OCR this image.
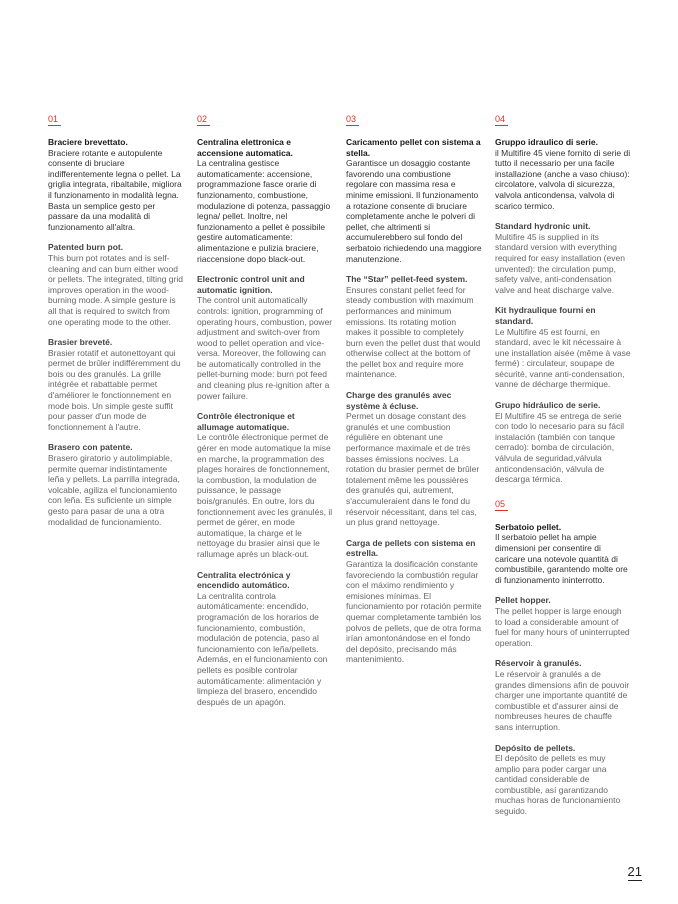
01
Braciere brevettato.
Braciere rotante e autopulente consente di bruciare indifferentemente legna o pellet. La griglia integrata, ribaltabile, migliora il funzionamento in modalità legna. Basta un semplice gesto per passare da una modalità di funzionamento all'altra.
Patented burn pot.
This burn pot rotates and is self-cleaning and can burn either wood or pellets. The integrated, tilting grid improves operation in the wood-burning mode. A simple gesture is all that is required to switch from one operating mode to the other.
Brasier breveté.
Brasier rotatif et autonettoyant qui permet de brûler indifféremment du bois ou des granulés. La grille intégrée et rabattable permet d'améliorer le fonctionnement en mode bois. Un simple geste suffit pour passer d'un mode de fonctionnement à l'autre.
Brasero con patente.
Brasero giratorio y autolimpiable, permite quemar indistintamente leña y pellets. La parrilla integrada, volcable, agiliza el funcionamiento con leña. Es suficiente un simple gesto para pasar de una a otra modalidad de funcionamiento.
02
Centralina elettronica e accensione automatica.
La centralina gestisce automaticamente: accensione, programmazione fasce orarie di funzionamento, combustione, modulazione di potenza, passaggio legna/ pellet. Inoltre, nel funzionamento a pellet è possibile gestire automaticamente: alimentazione e pulizia braciere, riaccensione dopo black-out.
Electronic control unit and automatic ignition.
The control unit automatically controls: ignition, programming of operating hours, combustion, power adjustment and switch-over from wood to pellet operation and vice-versa. Moreover, the following can be automatically controlled in the pellet-burning mode: burn pot feed and cleaning plus re-ignition after a power failure.
Contrôle électronique et allumage automatique.
Le contrôle électronique permet de gérer en mode automatique la mise en marche, la programmation des plages horaires de fonctionnement, la combustion, la modulation de puissance, le passage bois/granulés. En outre, lors du fonctionnement avec les granulés, il permet de gérer, en mode automatique, la charge et le nettoyage du brasier ainsi que le rallumage après un black-out.
Centralita electrónica y encendido automático.
La centralita controla automáticamente: encendido, programación de los horarios de funcionamiento, combustión, modulación de potencia, paso al funcionamiento con leña/pellets. Además, en el funcionamiento con pellets es posible controlar automáticamente: alimentación y limpieza del brasero, encendido después de un apagón.
03
Caricamento pellet con sistema a stella.
Garantisce un dosaggio costante favorendo una combustione regolare con massima resa e minime emissioni. Il funzionamento a rotazione consente di bruciare completamente anche le polveri di pellet, che altrimenti si accumulerebbero sul fondo del serbatoio richiedendo una maggiore manutenzione.
The “Star” pellet-feed system.
Ensures constant pellet feed for steady combustion with maximum performances and minimum emissions. Its rotating motion makes it possible to completely burn even the pellet dust that would otherwise collect at the bottom of the pellet box and require more maintenance.
Charge des granulés avec système à écluse.
Permet un dosage constant des granulés et une combustion régulière en obtenant une performance maximale et de très basses émissions nocives. La rotation du brasier permet de brûler totalement même les poussières des granulés qui, autrement, s'accumuleraient dans le fond du réservoir nécessitant, dans tel cas, un plus grand nettoyage.
Carga de pellets con sistema en estrella.
Garantiza la dosificación constante favoreciendo la combustión regular con el máximo rendimiento y emisiones mínimas. El funcionamiento por rotación permite quemar completamente también los polvos de pellets, que de otra forma irían amontonándose en el fondo del depósito, precisando más mantenimiento.
04
Gruppo idraulico di serie.
il Multifire 45 viene fornito di serie di tutto il necessario per una facile installazione (anche a vaso chiuso): circolatore, valvola di sicurezza, valvola anticondensa, valvola di scarico termico.
Standard hydronic unit.
Multifire 45 is supplied in its standard version with everything required for easy installation (even unvented): the circulation pump, safety valve, anti-condensation valve and heat discharge valve.
Kit hydraulique fourni en standard.
Le Multifire 45 est fourni, en standard, avec le kit nécessaire à une installation aisée (même à vase fermé) : circulateur, soupape de sécurité, vanne anti-condensation, vanne de décharge thermique.
Grupo hidráulico de serie.
El Multifire 45 se entrega de serie con todo lo necesario para su fácil instalación (también con tanque cerrado): bomba de circulación, válvula de seguridad,válvula anticondensación, válvula de descarga térmica.
05
Serbatoio pellet.
Il serbatoio pellet ha ampie dimensioni per consentire di caricare una notevole quantità di combustibile, garantendo molte ore di funzionamento ininterrotto.
Pellet hopper.
The pellet hopper is large enough to load a considerable amount of fuel for many hours of uninterrupted operation.
Réservoir à granulés.
Le réservoir à granulés a de grandes dimensions afin de pouvoir charger une importante quantité de combustible et d'assurer ainsi de nombreuses heures de chauffe sans interruption.
Depósito de pellets.
El depósito de pellets es muy amplio para poder cargar una cantidad considerable de combustible, así garantizando muchas horas de funcionamiento seguido.
21
